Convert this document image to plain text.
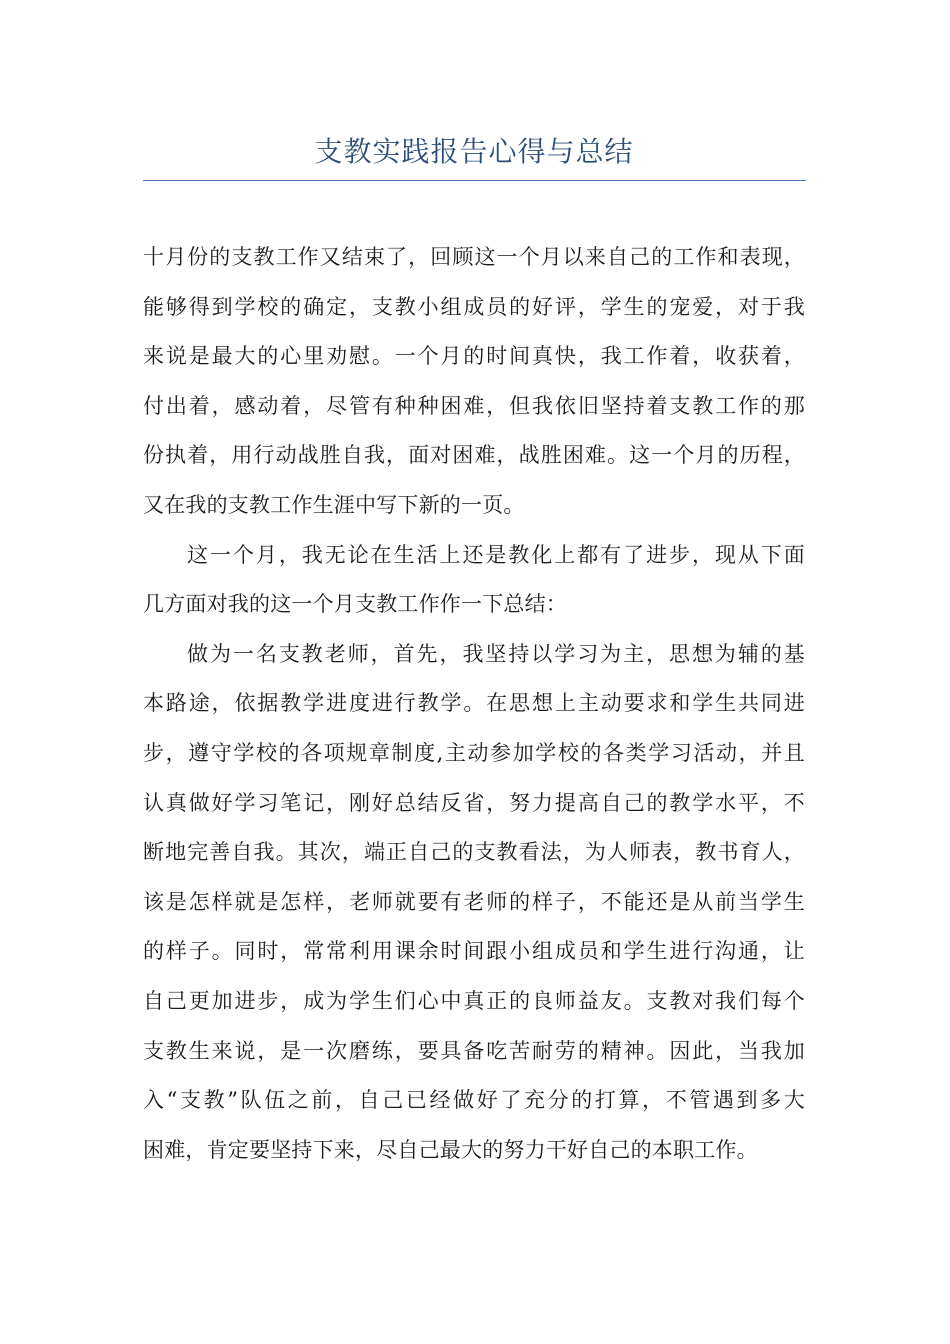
支教实践报告心得与总结
十月份的支教工作又结束了，回顾这一个月以来自己的工作和表现，
能够得到学校的确定，支教小组成员的好评，学生的宠爱，对于我
来说是最大的心里劝慰。一个月的时间真快，我工作着，收获着，
付出着，感动着，尽管有种种困难，但我依旧坚持着支教工作的那
份执着，用行动战胜自我，面对困难，战胜困难。这一个月的历程，
又在我的支教工作生涯中写下新的一页。
这一个月，我无论在生活上还是教化上都有了进步，现从下面
几方面对我的这一个月支教工作作一下总结：
做为一名支教老师，首先，我坚持以学习为主，思想为辅的基
本路途，依据教学进度进行教学。在思想上主动要求和学生共同进
步，遵守学校的各项规章制度,主动参加学校的各类学习活动，并且
认真做好学习笔记，刚好总结反省，努力提高自己的教学水平，不
断地完善自我。其次，端正自己的支教看法，为人师表，教书育人，
该是怎样就是怎样，老师就要有老师的样子，不能还是从前当学生
的样子。同时，常常利用课余时间跟小组成员和学生进行沟通，让
自己更加进步，成为学生们心中真正的良师益友。支教对我们每个
支教生来说，是一次磨练，要具备吃苦耐劳的精神。因此，当我加
入“支教”队伍之前，自己已经做好了充分的打算，不管遇到多大
困难，肯定要坚持下来，尽自己最大的努力干好自己的本职工作。
